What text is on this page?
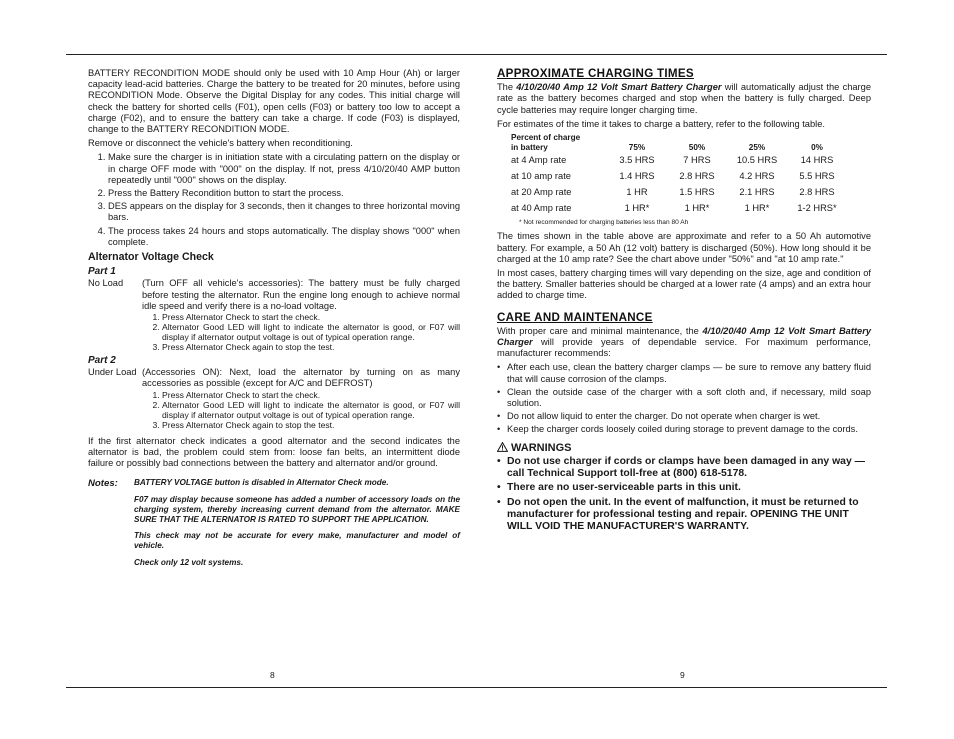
BATTERY RECONDITION MODE should only be used with 10 Amp Hour (Ah) or larger capacity lead-acid batteries. Charge the battery to be treated for 20 minutes, before using RECONDITION Mode. Observe the Digital Display for any codes. This initial charge will check the battery for shorted cells (F01), open cells (F03) or battery too low to accept a charge (F02), and to ensure the battery can take a charge. If code (F03) is displayed, change to the BATTERY RECONDITION MODE.

Remove or disconnect the vehicle's battery when reconditioning.

1. Make sure the charger is in initiation state with a circulating pattern on the display or in charge OFF mode with "000" on the display. If not, press 4/10/20/40 AMP button repeatedly until "000" shows on the display.
2. Press the Battery Recondition button to start the process.
3. DES appears on the display for 3 seconds, then it changes to three horizontal moving bars.
4. The process takes 24 hours and stops automatically. The display shows "000" when complete.
Alternator Voltage Check
Part 1
No Load	(Turn OFF all vehicle's accessories): The battery must be fully charged before testing the alternator. Run the engine long enough to achieve normal idle speed and verify there is a no-load voltage.
1. Press Alternator Check to start the check.
2. Alternator Good LED will light to indicate the alternator is good, or F07 will display if alternator output voltage is out of typical operation range.
3. Press Alternator Check again to stop the test.
Part 2
Under Load (Accessories ON): Next, load the alternator by turning on as many accessories as possible (except for A/C and DEFROST)
1. Press Alternator Check to start the check.
2. Alternator Good LED will light to indicate the alternator is good, or F07 will display if alternator output voltage is out of typical operation range.
3. Press Alternator Check again to stop the test.

If the first alternator check indicates a good alternator and the second indicates the alternator is bad, the problem could stem from: loose fan belts, an intermittent diode failure or possibly bad connections between the battery and alternator and/or ground.

Notes:	BATTERY VOLTAGE button is disabled in Alternator Check mode.

F07 may display because someone has added a number of accessory loads on the charging system, thereby increasing current demand from the alternator. MAKE SURE THAT THE ALTERNATOR IS RATED TO SUPPORT THE APPLICATION.

This check may not be accurate for every make, manufacturer and model of vehicle.

Check only 12 volt systems.

APPROXIMATE CHARGING TIMES

The 4/10/20/40 Amp 12 Volt Smart Battery Charger will automatically adjust the charge rate as the battery becomes charged and stop when the battery is fully charged. Deep cycle batteries may require longer charging time.

For estimates of the time it takes to charge a battery, refer to the following table.

Percent of charge
in battery	75%	50%	25%	0%
at 4 Amp rate	3.5 HRS	7 HRS	10.5 HRS	14 HRS
at 10 amp rate	1.4 HRS	2.8 HRS	4.2 HRS	5.5 HRS
at 20 Amp rate	1 HR	1.5 HRS	2.1 HRS	2.8 HRS
at 40 Amp rate	1 HR*	1 HR*	1 HR*	1-2 HRS*
* Not recommended for charging batteries less than 80 Ah

The times shown in the table above are approximate and refer to a 50 Ah automotive battery. For example, a 50 Ah (12 volt) battery is discharged (50%). How long should it be charged at the 10 amp rate? See the chart above under "50%" and "at 10 amp rate."

In most cases, battery charging times will vary depending on the size, age and condition of the battery. Smaller batteries should be charged at a lower rate (4 amps) and an extra hour added to charge time.

CARE AND MAINTENANCE

With proper care and minimal maintenance, the 4/10/20/40 Amp 12 Volt Smart Battery Charger will provide years of dependable service. For maximum performance, manufacturer recommends:

• After each use, clean the battery charger clamps — be sure to remove any battery fluid that will cause corrosion of the clamps.
• Clean the outside case of the charger with a soft cloth and, if necessary, mild soap solution.
• Do not allow liquid to enter the charger. Do not operate when charger is wet.
• Keep the charger cords loosely coiled during storage to prevent damage to the cords.
WARNINGS
• Do not use charger if cords or clamps have been damaged in any way — call Technical Support toll-free at (800) 618-5178.
• There are no user-serviceable parts in this unit.
• Do not open the unit. In the event of malfunction, it must be returned to manufacturer for professional testing and repair. OPENING THE UNIT WILL VOID THE MANUFACTURER'S WARRANTY.
8	9
